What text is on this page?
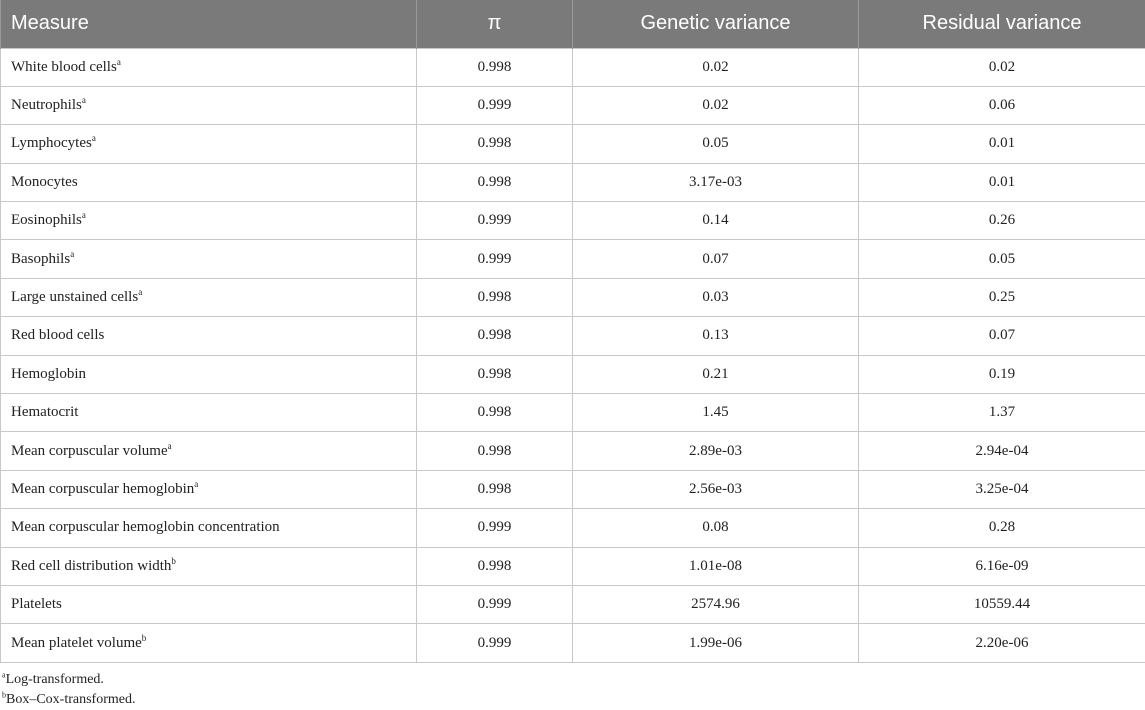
Measure	π	Genetic variance	Residual variance
White blood cells$^a$	0.998	0.02	0.02
Neutrophils$^a$	0.999	0.02	0.06
Lymphocytes$^a$	0.998	0.05	0.01
Monocytes	0.998	3.17e-03	0.01
Eosinophils$^a$	0.999	0.14	0.26
Basophils$^a$	0.999	0.07	0.05
Large unstained cells$^a$	0.998	0.03	0.25
Red blood cells	0.998	0.13	0.07
Hemoglobin	0.998	0.21	0.19
Hematocrit	0.998	1.45	1.37
Mean corpuscular volume$^a$	0.998	2.89e-03	2.94e-04
Mean corpuscular hemoglobin$^a$	0.998	2.56e-03	3.25e-04
Mean corpuscular hemoglobin concentration	0.999	0.08	0.28
Red cell distribution width$^b$	0.998	1.01e-08	6.16e-09
Platelets	0.999	2574.96	10559.44
Mean platelet volume$^b$	0.999	1.99e-06	2.20e-06
$^a$Log-transformed.
$^b$Box–Cox-transformed.
